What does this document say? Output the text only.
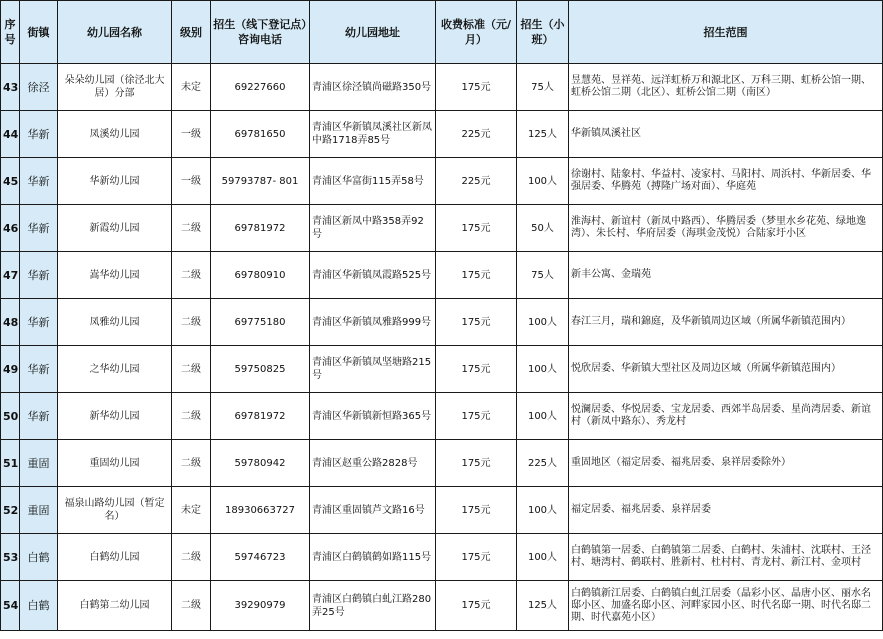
序号	街镇	幼儿园名称	级别	招生（线下登记点）咨询电话	幼儿园地址	收费标准（元/月）	招生（小班）	招生范围
43	徐泾	朵朵幼儿园（徐泾北大居）分部	未定	69227660	青浦区徐泾镇尚磁路350号	175元	75人	昱慧苑、昱祥苑、远洋虹桥万和源北区、万科三期、虹桥公馆一期、虹桥公馆二期（北区）、虹桥公馆二期（南区）
44	华新	凤溪幼儿园	一级	69781650	青浦区华新镇凤溪社区新凤中路1718弄85号	225元	125人	华新镇凤溪社区
45	华新	华新幼儿园	一级	59793787- 801	青浦区华富街115弄58号	225元	100人	徐谢村、陆象村、华益村、凌家村、马阳村、周浜村、华新居委、华强居委、华腾苑（搏隆广场对面）、华庭苑
46	华新	新霞幼儿园	二级	69781972	青浦区新凤中路358弄92号	175元	50人	淮海村、新谊村（新凤中路西）、华腾居委（梦里水乡花苑、绿地逸湾）、朱长村、华府居委（海琪金茂悦）合陆家圩小区
47	华新	嵩华幼儿园	二级	69780910	青浦区华新镇凤霞路525号	175元	75人	新丰公寓、金瑞苑
48	华新	凤雅幼儿园	二级	69775180	青浦区华新镇凤雅路999号	175元	100人	春江三月，瑞和錦庭，及华新镇周边区域（所属华新镇范围内）
49	华新	之华幼儿园	二级	59750825	青浦区华新镇凤坚塘路215号	175元	100人	悦欣居委、华新镇大型社区及周边区域（所属华新镇范围内）
50	华新	新华幼儿园	二级	69781972	青浦区华新镇新恒路365号	175元	100人	悦澜居委、华悦居委、宝龙居委、西郊半岛居委、星尚湾居委、新谊村（新凤中路东）、秀龙村
51	重固	重固幼儿园	二级	59780942	青浦区赵重公路2828号	175元	225人	重固地区（福定居委、福兆居委、泉祥居委除外）
52	重固	福泉山路幼儿园（暂定名）	未定	18930663727	青浦区重固镇芦文路16号	175元	100人	福定居委、福兆居委、泉祥居委
53	白鹤	白鹤幼儿园	二级	59746723	青浦区白鹤镇鹤如路115号	175元	100人	白鹤镇第一居委、白鹤镇第二居委、白鹤村、朱浦村、沈联村、王泾村、塘湾村、鹤联村、胜新村、杜村村、青龙村、新江村、金项村
54	白鹤	白鹤第二幼儿园	二级	39290979	青浦区白鹤镇白虬江路280弄25号	175元	125人	白鹤镇新江居委、白鹤镇白虬江居委（晶彩小区、晶唐小区、丽水名邸小区、加盛名邸小区、河畔家园小区、时代名邸一期、时代名邸二期、时代嘉苑小区）
